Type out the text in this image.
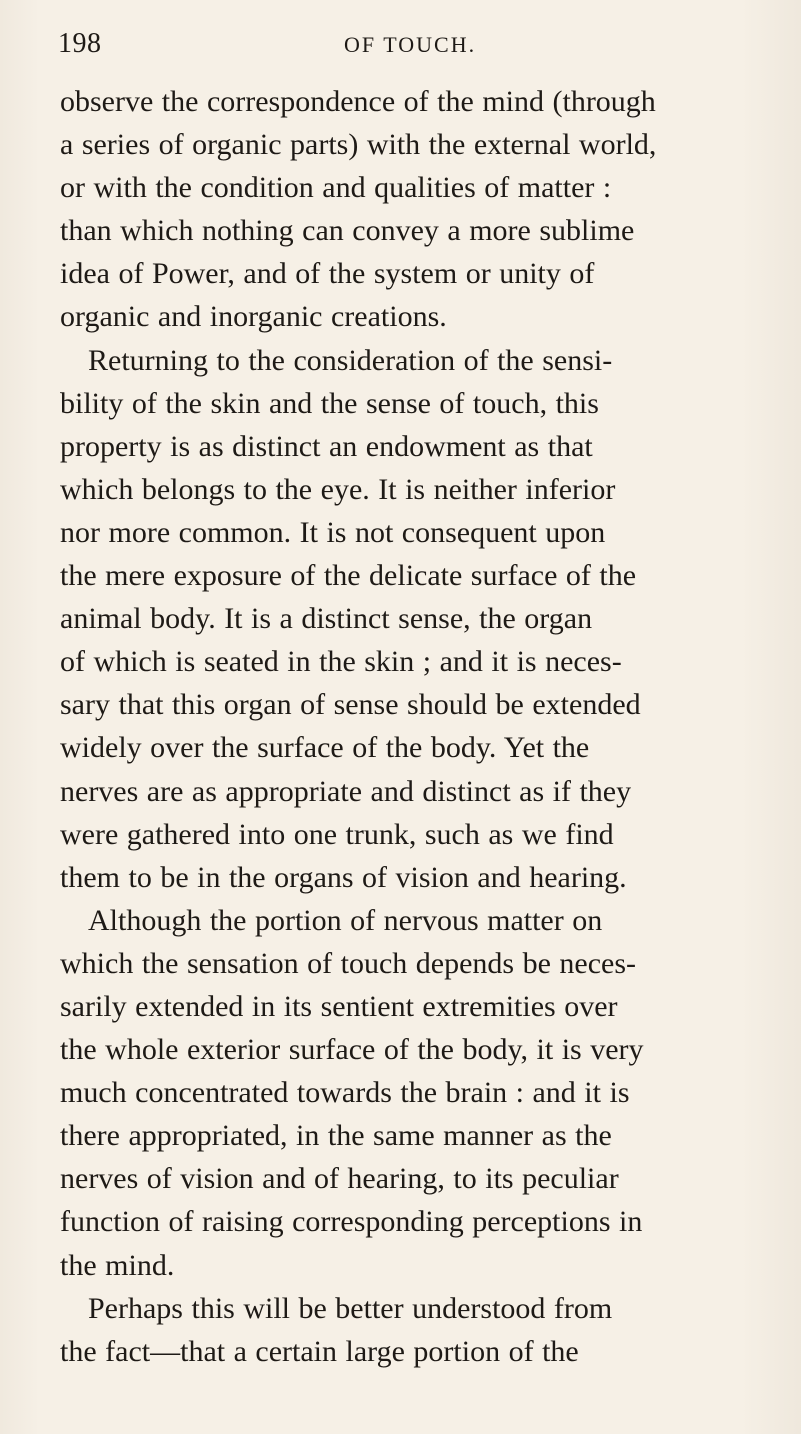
198	OF TOUCH.
observe the correspondence of the mind (through
a series of organic parts) with the external world,
or with the condition and qualities of matter :
than which nothing can convey a more sublime
idea of Power, and of the system or unity of
organic and inorganic creations.
Returning to the consideration of the sensi-
bility of the skin and the sense of touch, this
property is as distinct an endowment as that
which belongs to the eye. It is neither inferior
nor more common. It is not consequent upon
the mere exposure of the delicate surface of the
animal body. It is a distinct sense, the organ
of which is seated in the skin ; and it is neces-
sary that this organ of sense should be extended
widely over the surface of the body. Yet the
nerves are as appropriate and distinct as if they
were gathered into one trunk, such as we find
them to be in the organs of vision and hearing.
Although the portion of nervous matter on
which the sensation of touch depends be neces-
sarily extended in its sentient extremities over
the whole exterior surface of the body, it is very
much concentrated towards the brain : and it is
there appropriated, in the same manner as the
nerves of vision and of hearing, to its peculiar
function of raising corresponding perceptions in
the mind.
Perhaps this will be better understood from
the fact—that a certain large portion of the
